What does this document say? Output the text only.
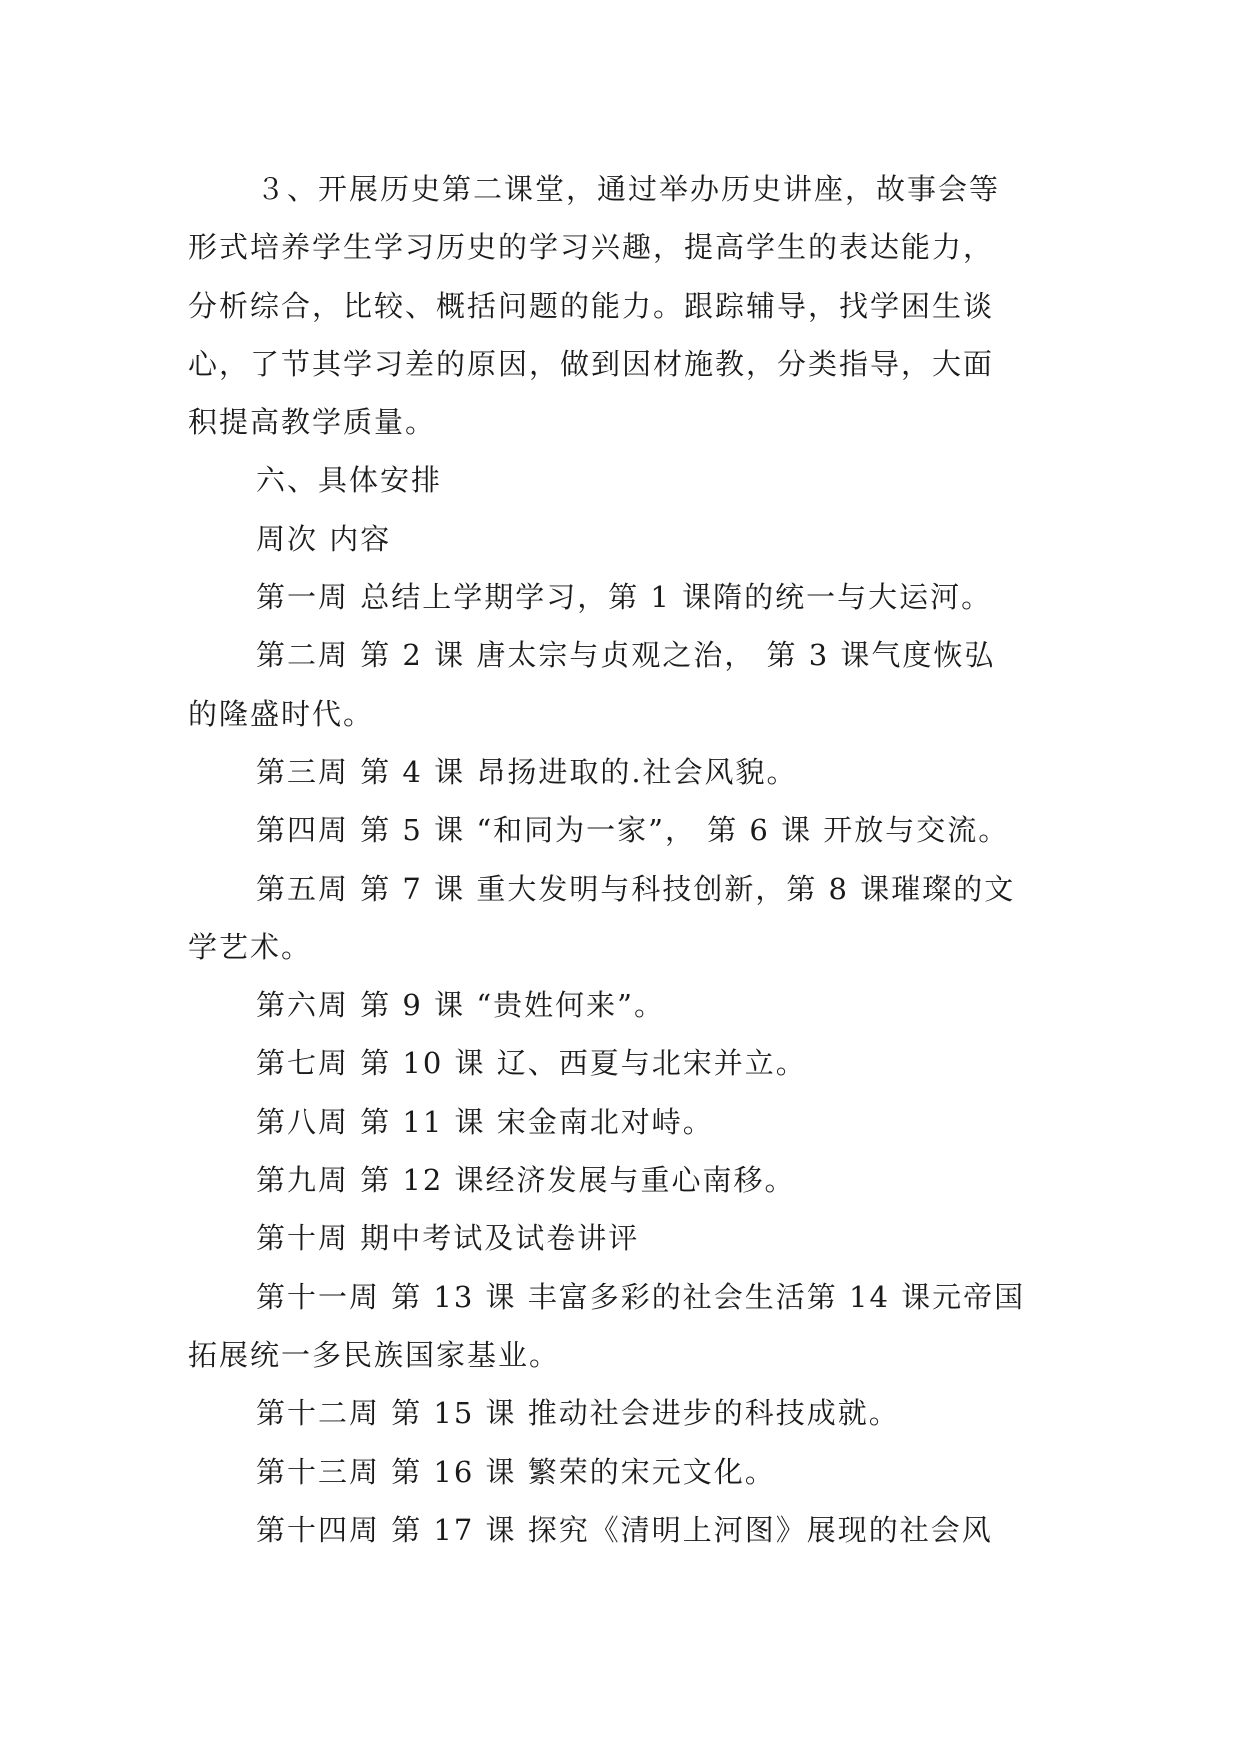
３、开展历史第二课堂，通过举办历史讲座，故事会等
形式培养学生学习历史的学习兴趣，提高学生的表达能力，
分析综合，比较、概括问题的能力。跟踪辅导，找学困生谈
心，了节其学习差的原因，做到因材施教，分类指导，大面
积提高教学质量。
六、具体安排
周次 内容
第一周 总结上学期学习，第 1 课隋的统一与大运河。
第二周 第 2 课 唐太宗与贞观之治， 第 3 课气度恢弘
的隆盛时代。
第三周 第 4 课 昂扬进取的.社会风貌。
第四周 第 5 课 “和同为一家”， 第 6 课 开放与交流。
第五周 第 7 课 重大发明与科技创新，第 8 课璀璨的文
学艺术。
第六周 第 9 课 “贵姓何来”。
第七周 第 10 课 辽、西夏与北宋并立。
第八周 第 11 课 宋金南北对峙。
第九周 第 12 课经济发展与重心南移。
第十周 期中考试及试卷讲评
第十一周 第 13 课 丰富多彩的社会生活第 14 课元帝国
拓展统一多民族国家基业。
第十二周 第 15 课 推动社会进步的科技成就。
第十三周 第 16 课 繁荣的宋元文化。
第十四周 第 17 课 探究《清明上河图》展现的社会风
